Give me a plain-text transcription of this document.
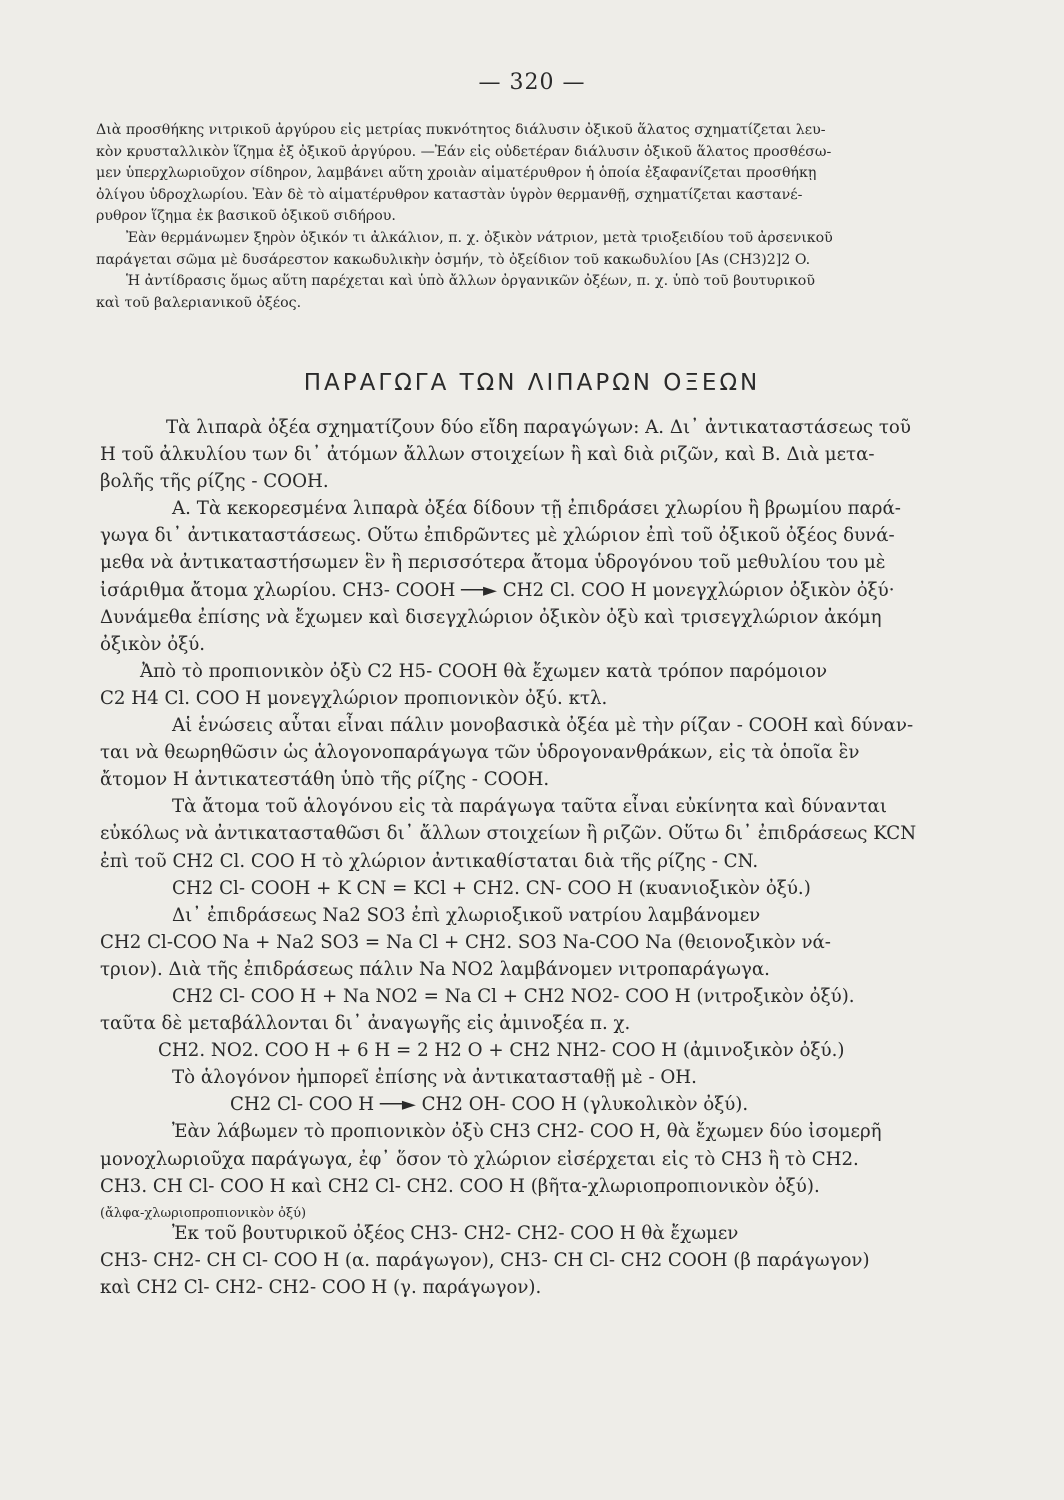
— 320 —
Διὰ προσθήκης νιτρικοῦ ἀργύρου εἰς μετρίας πυκνότητος διάλυσιν ὀξικοῦ ἅλατος σχηματίζεται λευ-
κὸν κρυσταλλικὸν ἵζημα ἐξ ὀξικοῦ ἀργύρου. —Ἐάν εἰς οὐδετέραν διάλυσιν ὀξικοῦ ἅλατος προσθέσω-
μεν ὑπερχλωριοῦχον σίδηρον, λαμβάνει αὕτη χροιὰν αἱματέρυθρον ἡ ὁποία ἐξαφανίζεται προσθήκῃ
ὀλίγου ὑδροχλωρίου. Ἐὰν δὲ τὸ αἱματέρυθρον καταστὰν ὑγρὸν θερμανθῇ, σχηματίζεται καστανέ-
ρυθρον ἵζημα ἐκ βασικοῦ ὀξικοῦ σιδήρου.
Ἐὰν θερμάνωμεν ξηρὸν ὀξικόν τι ἀλκάλιον, π. χ. ὀξικὸν νάτριον, μετὰ τριοξειδίου τοῦ ἀρσενικοῦ
παράγεται σῶμα μὲ δυσάρεστον κακωδυλικὴν ὀσμήν, τὸ ὀξείδιον τοῦ κακωδυλίου [As (CH3)2]2 O.
Ἡ ἀντίδρασις ὅμως αὕτη παρέχεται καὶ ὑπὸ ἄλλων ὀργανικῶν ὀξέων, π. χ. ὑπὸ τοῦ βουτυρικοῦ
καὶ τοῦ βαλεριανικοῦ ὀξέος.
ΠΑΡΑΓΩΓΑ ΤΩΝ ΛΙΠΑΡΩΝ ΟΞΕΩΝ
Τὰ λιπαρὰ ὀξέα σχηματίζουν δύο εἴδη παραγώγων: Α. Δι᾽ ἀντικαταστάσεως τοῦ
Η τοῦ ἀλκυλίου των δι᾽ ἀτόμων ἄλλων στοιχείων ἢ καὶ διὰ ριζῶν, καὶ Β. Διὰ μετα-
βολῆς τῆς ρίζης - COOH.
Α. Τὰ κεκορεσμένα λιπαρὰ ὀξέα δίδουν τῇ ἐπιδράσει χλωρίου ἢ βρωμίου παρά-
γωγα δι᾽ ἀντικαταστάσεως. Οὕτω ἐπιδρῶντες μὲ χλώριον ἐπὶ τοῦ ὀξικοῦ ὀξέος δυνά-
μεθα νὰ ἀντικαταστήσωμεν ἓν ἢ περισσότερα ἄτομα ὑδρογόνου τοῦ μεθυλίου του μὲ
ἰσάριθμα ἄτομα χλωρίου. CH3- COOH ──► CH2 Cl. COO H μονεγχλώριον ὀξικὸν ὀξύ·
Δυνάμεθα ἐπίσης νὰ ἔχωμεν καὶ δισεγχλώριον ὀξικὸν ὀξὺ καὶ τρισεγχλώριον ἀκόμη
ὀξικὸν ὀξύ.
Ἀπὸ τὸ προπιονικὸν ὀξὺ C2 H5- COOH θὰ ἔχωμεν κατὰ τρόπον παρόμοιον
C2 H4 Cl. COO H μονεγχλώριον προπιονικὸν ὀξύ. κτλ.
Αἱ ἑνώσεις αὗται εἶναι πάλιν μονοβασικὰ ὀξέα μὲ τὴν ρίζαν - COOH καὶ δύναν-
ται νὰ θεωρηθῶσιν ὡς ἁλογονοπαράγωγα τῶν ὑδρογονανθράκων, εἰς τὰ ὁποῖα ἓν
ἄτομον Η ἀντικατεστάθη ὑπὸ τῆς ρίζης - COOH.
Τὰ ἄτομα τοῦ ἁλογόνου εἰς τὰ παράγωγα ταῦτα εἶναι εὐκίνητα καὶ δύνανται
εὐκόλως νὰ ἀντικατασταθῶσι δι᾽ ἄλλων στοιχείων ἢ ριζῶν. Οὕτω δι᾽ ἐπιδράσεως KCN
ἐπὶ τοῦ CH2 Cl. COO H τὸ χλώριον ἀντικαθίσταται διὰ τῆς ρίζης - CN.
CH2 Cl- COOH + K CN = KCl + CH2. CN- COO H (κυανιοξικὸν ὀξύ.)
Δι᾽ ἐπιδράσεως Na2 SO3 ἐπὶ χλωριοξικοῦ νατρίου λαμβάνομεν
CH2 Cl-COO Na + Na2 SO3 = Na Cl + CH2. SO3 Na-COO Na (θειονοξικὸν νά-
τριον). Διὰ τῆς ἐπιδράσεως πάλιν Na NO2 λαμβάνομεν νιτροπαράγωγα.
CH2 Cl- COO H + Na NO2 = Na Cl + CH2 NO2- COO H (νιτροξικὸν ὀξύ).
ταῦτα δὲ μεταβάλλονται δι᾽ ἀναγωγῆς εἰς ἀμινοξέα π. χ.
CH2. NO2. COO H + 6 H = 2 H2 O + CH2 NH2- COO H (ἀμινοξικὸν ὀξύ.)
Τὸ ἁλογόνον ἠμπορεῖ ἐπίσης νὰ ἀντικατασταθῇ μὲ - OH.
CH2 Cl- COO H ──► CH2 OH- COO H (γλυκολικὸν ὀξύ).
Ἐὰν λάβωμεν τὸ προπιονικὸν ὀξὺ CH3 CH2- COO H, θὰ ἔχωμεν δύο ἰσομερῆ
μονοχλωριοῦχα παράγωγα, ἐφ᾽ ὅσον τὸ χλώριον εἰσέρχεται εἰς τὸ CH3 ἢ τὸ CH2.
CH3. CH Cl- COO H καὶ CH2 Cl- CH2. COO H (βῆτα-χλωριοπροπιονικὸν ὀξύ).
(ἄλφα-χλωριοπροπιονικὸν ὀξύ)
Ἐκ τοῦ βουτυρικοῦ ὀξέος CH3- CH2- CH2- COO H θὰ ἔχωμεν
CH3- CH2- CH Cl- COO H (α. παράγωγον), CH3- CH Cl- CH2 COOH (β παράγωγον)
καὶ CH2 Cl- CH2- CH2- COO H (γ. παράγωγον).
